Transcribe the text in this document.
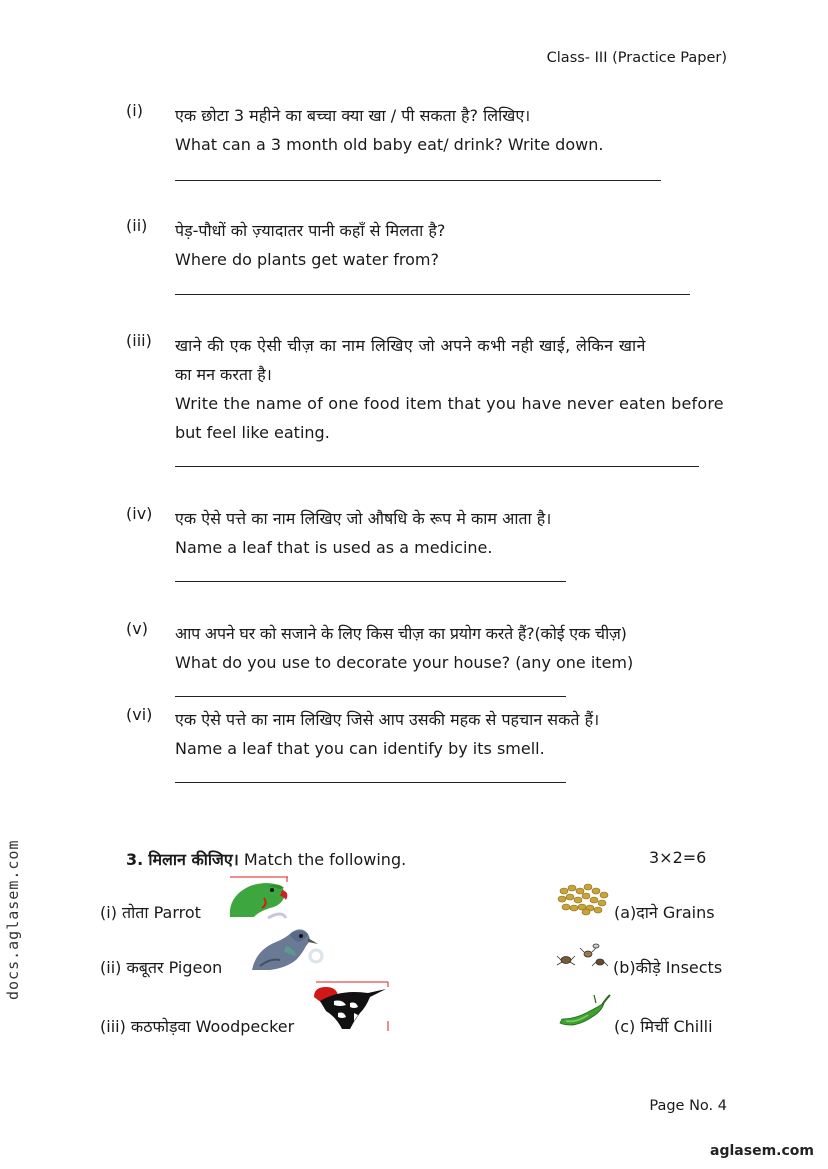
Class- III (Practice Paper)
(i) एक छोटा 3 महीने का बच्चा क्या खा / पी सकता है? लिखिए।
What can a 3 month old baby eat/ drink? Write down.
(ii) पेड़-पौधों को ज़्यादातर पानी कहाँ से मिलता है?
Where do plants get water from?
(iii) खाने की एक ऐसी चीज़ का नाम लिखिए जो अपने कभी नही खाई, लेकिन खाने
का मन करता है।
Write the name of one food item that you have never eaten before
but feel like eating.
(iv) एक ऐसे पत्ते का नाम लिखिए जो औषधि के रूप मे काम आता है।
Name a leaf that is used as a medicine.
(v) आप अपने घर को सजाने के लिए किस चीज़ का प्रयोग करते हैं?(कोई एक चीज़)
What do you use to decorate your house? (any one item)
(vi) एक ऐसे पत्ते का नाम लिखिए जिसे आप उसकी महक से पहचान सकते हैं।
Name a leaf that you can identify by its smell.
3. मिलान कीजिए। Match the following.	3×2=6
(i) तोता Parrot
(ii) कबूतर Pigeon
(iii) कठफोड़वा Woodpecker
(a)दाने Grains
(b)कीड़े Insects
(c) मिर्ची Chilli
Page No. 4
docs.aglasem.com
aglasem.com
